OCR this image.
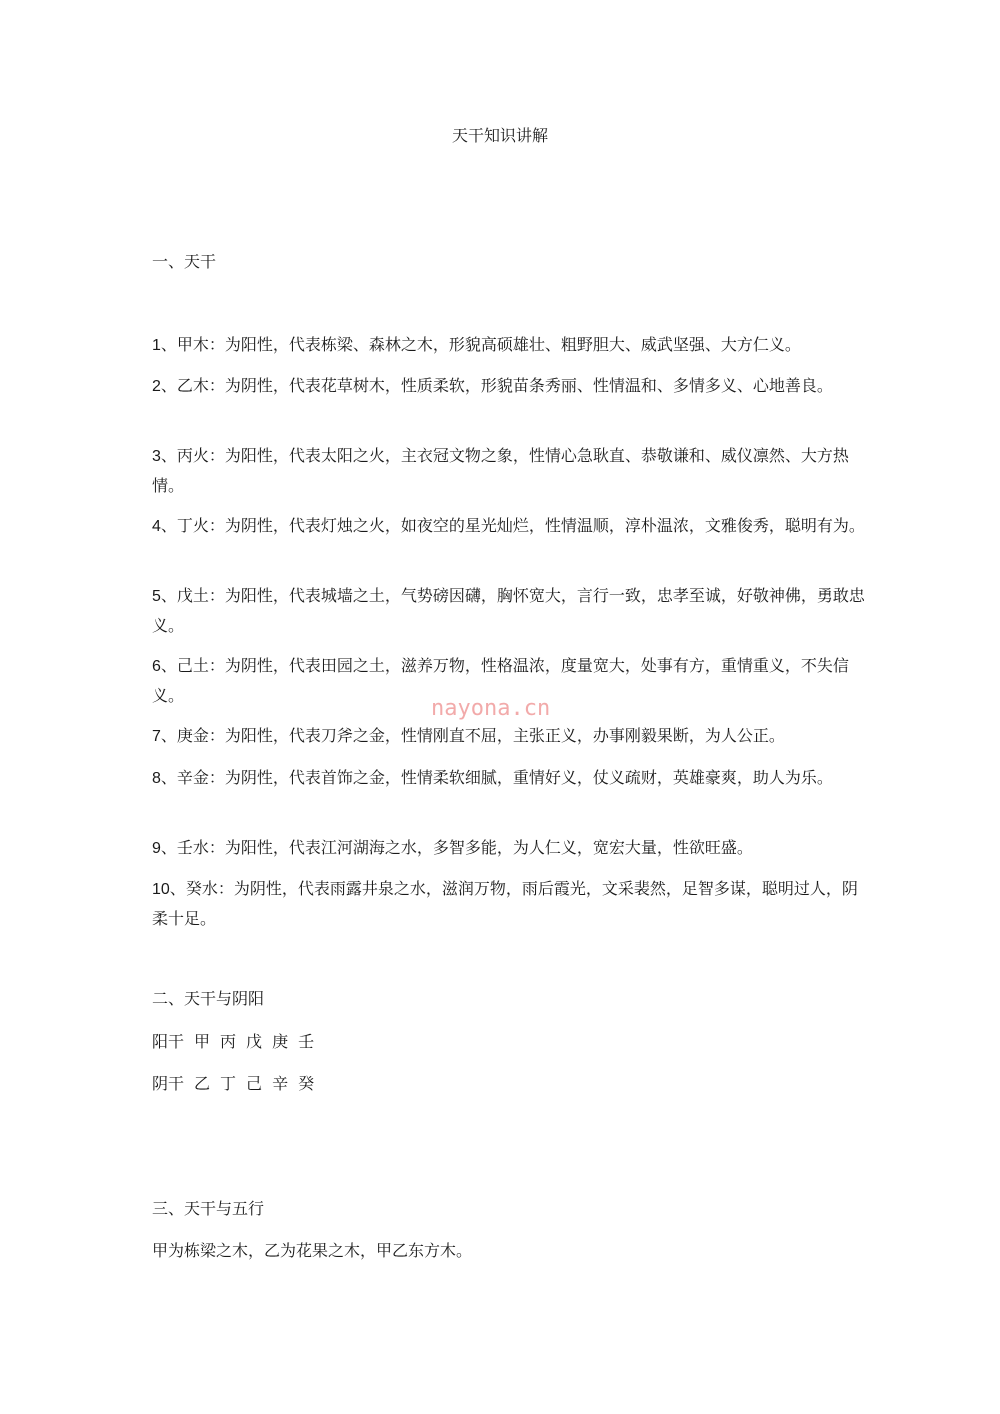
天干知识讲解
一、天干
1、甲木：为阳性，代表栋梁、森林之木，形貌高硕雄壮、粗野胆大、威武坚强、大方仁义。
2、乙木：为阴性，代表花草树木，性质柔软，形貌苗条秀丽、性情温和、多情多义、心地善良。
3、丙火：为阳性，代表太阳之火，主衣冠文物之象，性情心急耿直、恭敬谦和、威仪凛然、大方热情。
4、丁火：为阴性，代表灯烛之火，如夜空的星光灿烂，性情温顺，淳朴温浓，文雅俊秀，聪明有为。
5、戊土：为阳性，代表城墙之土，气势磅因礴，胸怀宽大，言行一致，忠孝至诚，好敬神佛，勇敢忠义。
6、己土：为阴性，代表田园之土，滋养万物，性格温浓，度量宽大，处事有方，重情重义，不失信义。
7、庚金：为阳性，代表刀斧之金，性情刚直不屈，主张正义，办事刚毅果断，为人公正。
8、辛金：为阴性，代表首饰之金，性情柔软细腻，重情好义，仗义疏财，英雄豪爽，助人为乐。
9、壬水：为阳性，代表江河湖海之水，多智多能，为人仁义，宽宏大量，性欲旺盛。
10、癸水：为阴性，代表雨露井泉之水，滋润万物，雨后霞光，文采裴然，足智多谋，聪明过人，阴柔十足。
二、天干与阴阳
阳干 甲 丙 戊 庚 壬
阴干 乙 丁 己 辛 癸
三、天干与五行
甲为栋梁之木，乙为花果之木，甲乙东方木。
nayona.cn
